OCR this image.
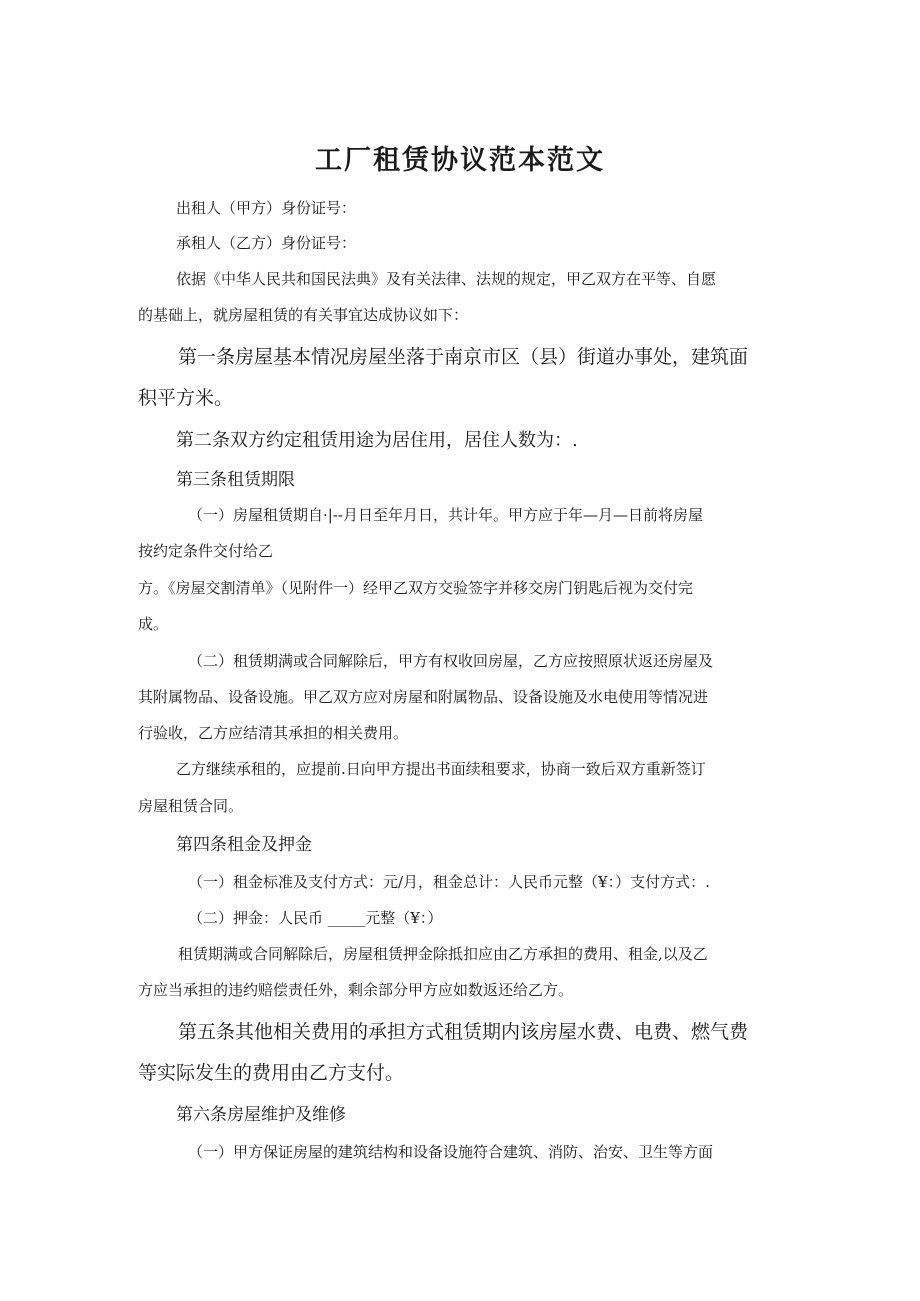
工厂租赁协议范本范文

出租人（甲方）身份证号：

承租人（乙方）身份证号：

依据《中华人民共和国民法典》及有关法律、法规的规定，甲乙双方在平等、自愿

的基础上，就房屋租赁的有关事宜达成协议如下：

第一条房屋基本情况房屋坐落于南京市区（县）街道办事处，建筑面

积平方米。

第二条双方约定租赁用途为居住用，居住人数为：.

第三条租赁期限

（一）房屋租赁期自·|--月日至年月日，共计年。甲方应于年—月—日前将房屋

按约定条件交付给乙

方。《房屋交割清单》（见附件一）经甲乙双方交验签字并移交房门钥匙后视为交付完

成。

（二）租赁期满或合同解除后，甲方有权收回房屋，乙方应按照原状返还房屋及

其附属物品、设备设施。甲乙双方应对房屋和附属物品、设备设施及水电使用等情况进

行验收，乙方应结清其承担的相关费用。

乙方继续承租的，应提前.日向甲方提出书面续租要求，协商一致后双方重新签订

房屋租赁合同。

第四条租金及押金

（一）租金标准及支付方式：元/月，租金总计：人民币元整（¥：）支付方式：.

（二）押金：人民币 _____元整（¥：）

租赁期满或合同解除后，房屋租赁押金除抵扣应由乙方承担的费用、租金,以及乙

方应当承担的违约赔偿责任外，剩余部分甲方应如数返还给乙方。

第五条其他相关费用的承担方式租赁期内该房屋水费、电费、燃气费

等实际发生的费用由乙方支付。

第六条房屋维护及维修

（一）甲方保证房屋的建筑结构和设备设施符合建筑、消防、治安、卫生等方面
